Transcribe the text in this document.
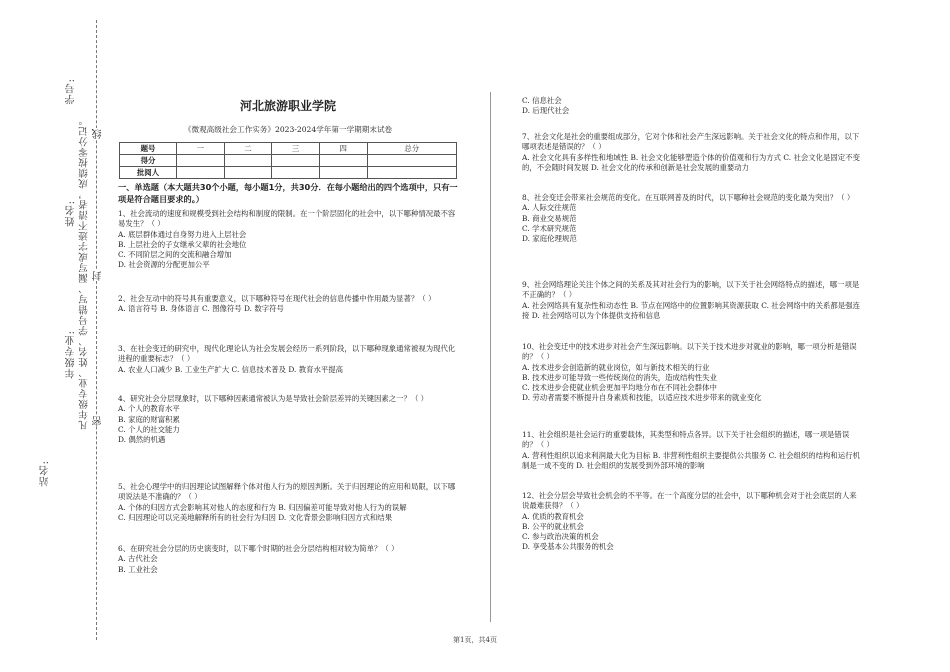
学号:
姓名:
年级专业:
站名:
凡年级专业、姓名、学号错写、漏写或字迹不清者，成绩按零分记。 线
封
密
河北旅游职业学院
《微观高级社会工作实务》2023-2024学年第一学期期末试卷
题号	一	二	三	四	总分
得分					
批阅人					
一、单选题（本大题共30个小题，每小题1分，共30分．在每小题给出的四个选项中，只有一项是符合题目要求的。）

1、社会流动的速度和规模受到社会结构和制度的限制。在一个阶层固化的社会中，以下哪种情况最不容易发生？（ ）

A. 底层群体通过自身努力进入上层社会

B. 上层社会的子女继承父辈的社会地位

C. 不同阶层之间的交流和融合增加

D. 社会资源的分配更加公平

2、社会互动中的符号具有重要意义，以下哪种符号在现代社会的信息传播中作用最为显著？（ ）

A. 语言符号 B. 身体语言 C. 图像符号 D. 数字符号

3、在社会变迁的研究中，现代化理论认为社会发展会经历一系列阶段，以下哪种现象通常被视为现代化进程的重要标志？（ ）

A. 农业人口减少 B. 工业生产扩大 C. 信息技术普及 D. 教育水平提高

4、研究社会分层现象时，以下哪种因素通常被认为是导致社会阶层差异的关键因素之一？（ ）

A. 个人的教育水平

B. 家庭的财富积累

C. 个人的社交能力

D. 偶然的机遇

5、社会心理学中的归因理论试图解释个体对他人行为的原因判断。关于归因理论的应用和局限，以下哪项说法是不准确的？（ ）

A. 个体的归因方式会影响其对他人的态度和行为 B. 归因偏差可能导致对他人行为的误解

C. 归因理论可以完美地解释所有的社会行为归因 D. 文化背景会影响归因方式和结果

6、在研究社会分层的历史演变时，以下哪个时期的社会分层结构相对较为简单？（ ）

A. 古代社会

B. 工业社会

C. 信息社会

D. 后现代社会

7、社会文化是社会的重要组成部分，它对个体和社会产生深远影响。关于社会文化的特点和作用，以下哪项表述是错误的？（ ）

A. 社会文化具有多样性和地域性 B. 社会文化能够塑造个体的价值观和行为方式 C. 社会文化是固定不变的，不会随时间发展 D. 社会文化的传承和创新是社会发展的重要动力

8、社会变迁会带来社会规范的变化。在互联网普及的时代，以下哪种社会规范的变化最为突出？（ ）

A. 人际交往规范

B. 商业交易规范

C. 学术研究规范

D. 家庭伦理规范

9、社会网络理论关注个体之间的关系及其对社会行为的影响，以下关于社会网络特点的描述，哪一项是不正确的？（ ）

A. 社会网络具有复杂性和动态性 B. 节点在网络中的位置影响其资源获取 C. 社会网络中的关系都是强连接 D. 社会网络可以为个体提供支持和信息

10、社会变迁中的技术进步对社会产生深远影响。以下关于技术进步对就业的影响，哪一项分析是错误的？（ ）

A. 技术进步会创造新的就业岗位，如与新技术相关的行业

B. 技术进步可能导致一些传统岗位的消失，造成结构性失业

C. 技术进步会使就业机会更加平均地分布在不同社会群体中

D. 劳动者需要不断提升自身素质和技能，以适应技术进步带来的就业变化

11、社会组织是社会运行的重要载体，其类型和特点各异。以下关于社会组织的描述，哪一项是错误的？（ ）

A. 营利性组织以追求利润最大化为目标 B. 非营利性组织主要提供公共服务 C. 社会组织的结构和运行机制是一成不变的 D. 社会组织的发展受到外部环境的影响

12、社会分层会导致社会机会的不平等。在一个高度分层的社会中，以下哪种机会对于社会底层的人来说最难获得？（ ）

A. 优质的教育机会

B. 公平的就业机会

C. 参与政治决策的机会

D. 享受基本公共服务的机会

第1页，共4页
